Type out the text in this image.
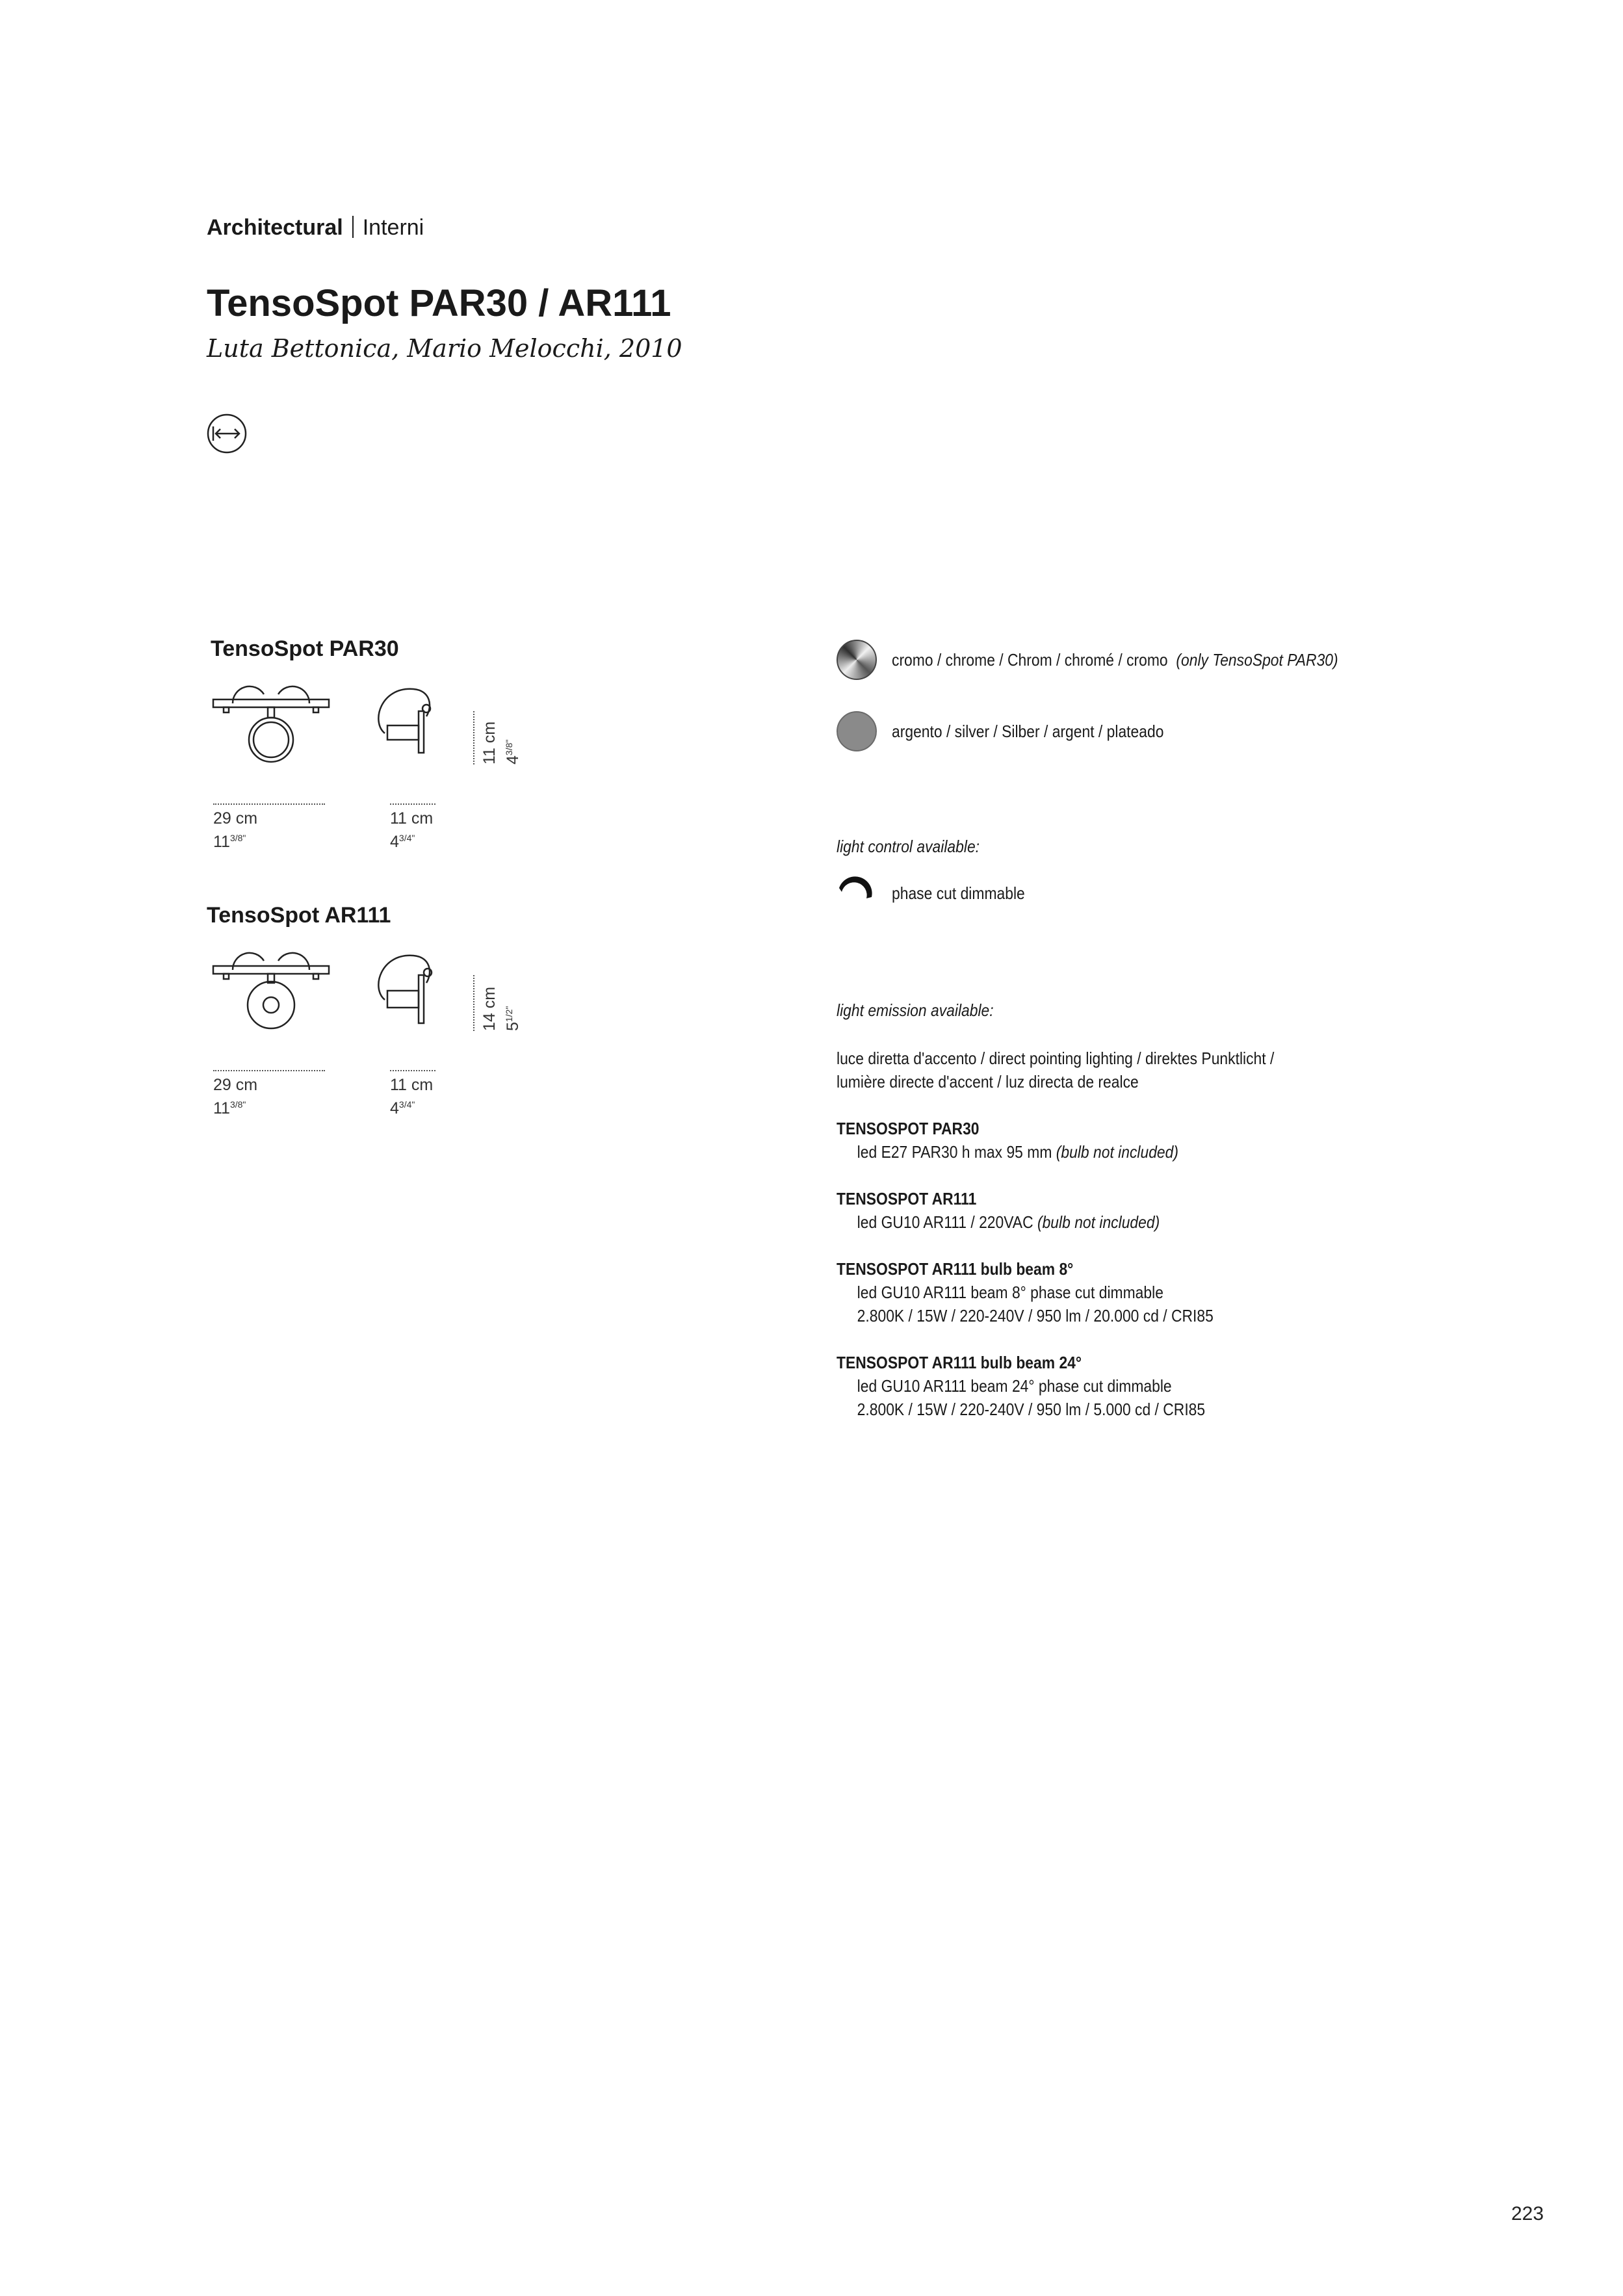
Architectural Interni
TensoSpot PAR30 / AR111
Luta Bettonica, Mario Melocchi, 2010
TensoSpot PAR30
11 cm $4^{3/8"}$
29 cm
$11^{3/8"}$
11 cm
$4^{3/4"}$
TensoSpot AR111
14 cm $5^{1/2"}$
29 cm
$11^{3/8"}$
11 cm
$4^{3/4"}$
cromo / chrome / Chrom / chromé / cromo (only TensoSpot PAR30)
argento / silver / Silber / argent / plateado
light control available:
phase cut dimmable
light emission available:
luce diretta d'accento / direct pointing lighting / direktes Punktlicht /
lumière directe d'accent / luz directa de realce
TENSOSPOT PAR30
led E27 PAR30 h max 95 mm (bulb not included)
TENSOSPOT AR111
led GU10 AR111 / 220VAC (bulb not included)
TENSOSPOT AR111 bulb beam 8°
led GU10 AR111 beam 8° phase cut dimmable
2.800K / 15W / 220-240V / 950 lm / 20.000 cd / CRI85
TENSOSPOT AR111 bulb beam 24°
led GU10 AR111 beam 24° phase cut dimmable
2.800K / 15W / 220-240V / 950 lm / 5.000 cd / CRI85
223
